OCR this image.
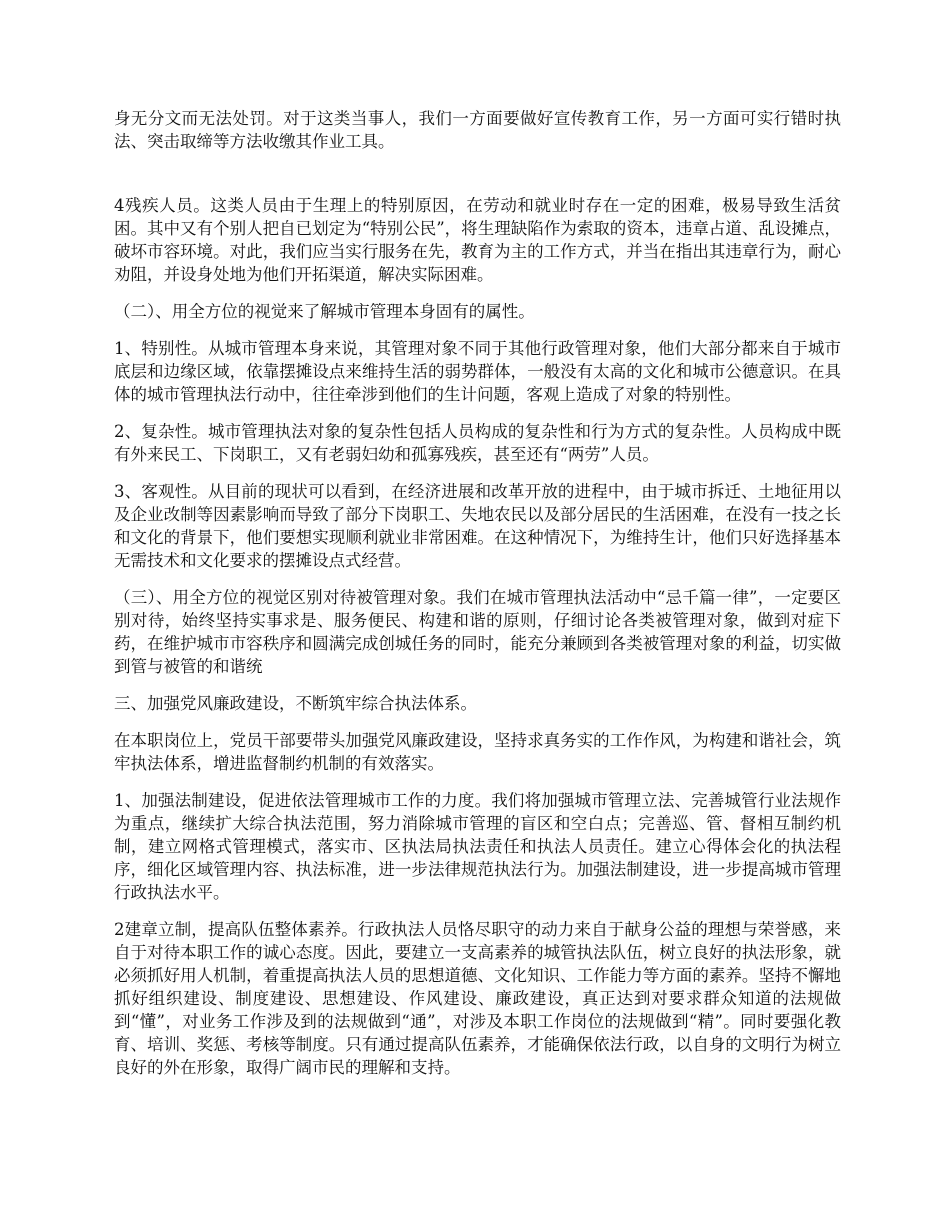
身无分文而无法处罚。对于这类当事人，我们一方面要做好宣传教育工作，另一方面可实行错时执法、突击取缔等方法收缴其作业工具。

4残疾人员。这类人员由于生理上的特别原因，在劳动和就业时存在一定的困难，极易导致生活贫困。其中又有个别人把自已划定为“特别公民”，将生理缺陷作为索取的资本，违章占道、乱设摊点，破坏市容环境。对此，我们应当实行服务在先，教育为主的工作方式，并当在指出其违章行为，耐心劝阻，并设身处地为他们开拓渠道，解决实际困难。

（二）、用全方位的视觉来了解城市管理本身固有的属性。

1、特别性。从城市管理本身来说，其管理对象不同于其他行政管理对象，他们大部分都来自于城市底层和边缘区域，依靠摆摊设点来维持生活的弱势群体，一般没有太高的文化和城市公德意识。在具体的城市管理执法行动中，往往牵涉到他们的生计问题，客观上造成了对象的特别性。

2、复杂性。城市管理执法对象的复杂性包括人员构成的复杂性和行为方式的复杂性。人员构成中既有外来民工、下岗职工，又有老弱妇幼和孤寡残疾，甚至还有“两劳”人员。

3、客观性。从目前的现状可以看到，在经济进展和改革开放的进程中，由于城市拆迁、土地征用以及企业改制等因素影响而导致了部分下岗职工、失地农民以及部分居民的生活困难，在没有一技之长和文化的背景下，他们要想实现顺利就业非常困难。在这种情况下，为维持生计，他们只好选择基本无需技术和文化要求的摆摊设点式经营。

（三）、用全方位的视觉区别对待被管理对象。我们在城市管理执法活动中“忌千篇一律”，一定要区别对待，始终坚持实事求是、服务便民、构建和谐的原则，仔细讨论各类被管理对象，做到对症下药，在维护城市市容秩序和圆满完成创城任务的同时，能充分兼顾到各类被管理对象的利益，切实做到管与被管的和谐统

三、加强党风廉政建设，不断筑牢综合执法体系。

在本职岗位上，党员干部要带头加强党风廉政建设，坚持求真务实的工作作风，为构建和谐社会，筑牢执法体系，增进监督制约机制的有效落实。

1、加强法制建设，促进依法管理城市工作的力度。我们将加强城市管理立法、完善城管行业法规作为重点，继续扩大综合执法范围，努力消除城市管理的盲区和空白点；完善巡、管、督相互制约机制，建立网格式管理模式，落实市、区执法局执法责任和执法人员责任。建立心得体会化的执法程序，细化区域管理内容、执法标准，进一步法律规范执法行为。加强法制建设，进一步提高城市管理行政执法水平。

2建章立制，提高队伍整体素养。行政执法人员恪尽职守的动力来自于献身公益的理想与荣誉感，来自于对待本职工作的诚心态度。因此，要建立一支高素养的城管执法队伍，树立良好的执法形象，就必须抓好用人机制，着重提高执法人员的思想道德、文化知识、工作能力等方面的素养。坚持不懈地抓好组织建设、制度建设、思想建设、作风建设、廉政建设，真正达到对要求群众知道的法规做到“懂”，对业务工作涉及到的法规做到“通”，对涉及本职工作岗位的法规做到“精”。同时要强化教育、培训、奖惩、考核等制度。只有通过提高队伍素养，才能确保依法行政，以自身的文明行为树立良好的外在形象，取得广阔市民的理解和支持。
